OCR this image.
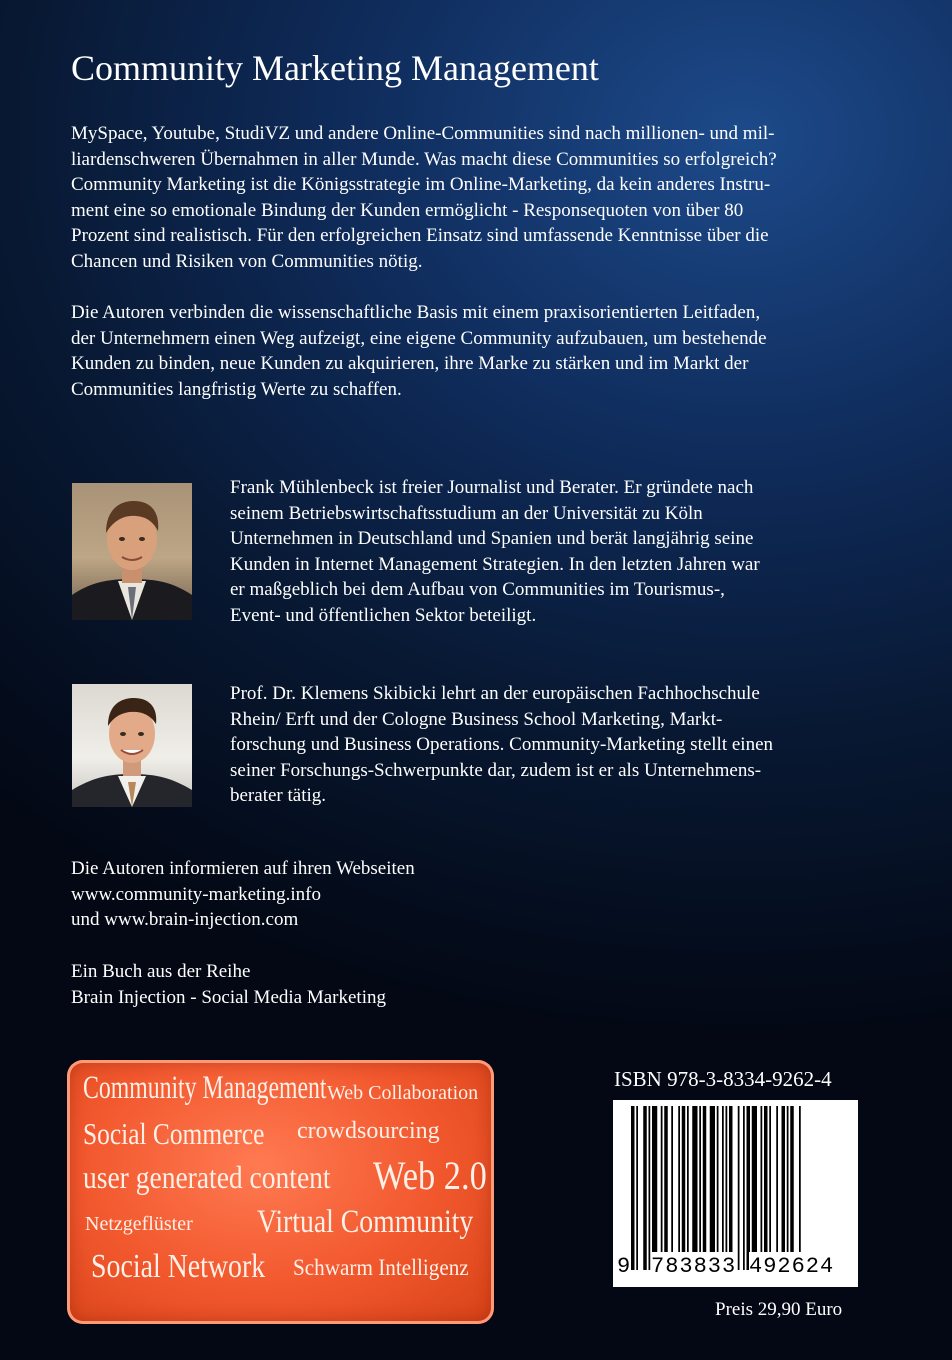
Community Marketing Management
MySpace, Youtube, StudiVZ und andere Online-Communities sind nach millionen- und mil-
liardenschweren Übernahmen in aller Munde. Was macht diese Communities so erfolgreich?
Community Marketing ist die Königsstrategie im Online-Marketing, da kein anderes Instru-
ment eine so emotionale Bindung der Kunden ermöglicht - Responsequoten von über 80
Prozent sind realistisch. Für den erfolgreichen Einsatz sind umfassende Kenntnisse über die
Chancen und Risiken von Communities nötig.
Die Autoren verbinden die wissenschaftliche Basis mit einem praxisorientierten Leitfaden,
der Unternehmern einen Weg aufzeigt, eine eigene Community aufzubauen, um bestehende
Kunden zu binden, neue Kunden zu akquirieren, ihre Marke zu stärken und im Markt der
Communities langfristig Werte zu schaffen.
Frank Mühlenbeck ist freier Journalist und Berater. Er gründete nach
seinem Betriebswirtschaftsstudium an der Universität zu Köln
Unternehmen in Deutschland und Spanien und berät langjährig seine
Kunden in Internet Management Strategien. In den letzten Jahren war
er maßgeblich bei dem Aufbau von Communities im Tourismus-,
Event- und öffentlichen Sektor beteiligt.
Prof. Dr. Klemens Skibicki lehrt an der europäischen Fachhochschule
Rhein/ Erft und der Cologne Business School Marketing, Markt-
forschung und Business Operations. Community-Marketing stellt einen
seiner Forschungs-Schwerpunkte dar, zudem ist er als Unternehmens-
berater tätig.
Die Autoren informieren auf ihren Webseiten
www.community-marketing.info
und www.brain-injection.com
Ein Buch aus der Reihe
Brain Injection - Social Media Marketing
Community Management Web Collaboration
Social Commerce crowdsourcing
user generated content Web 2.0
Netzgeflüster Virtual Community
Social Network Schwarm Intelligenz
ISBN 978-3-8334-9262-4
9 783833 492624
Preis 29,90 Euro
